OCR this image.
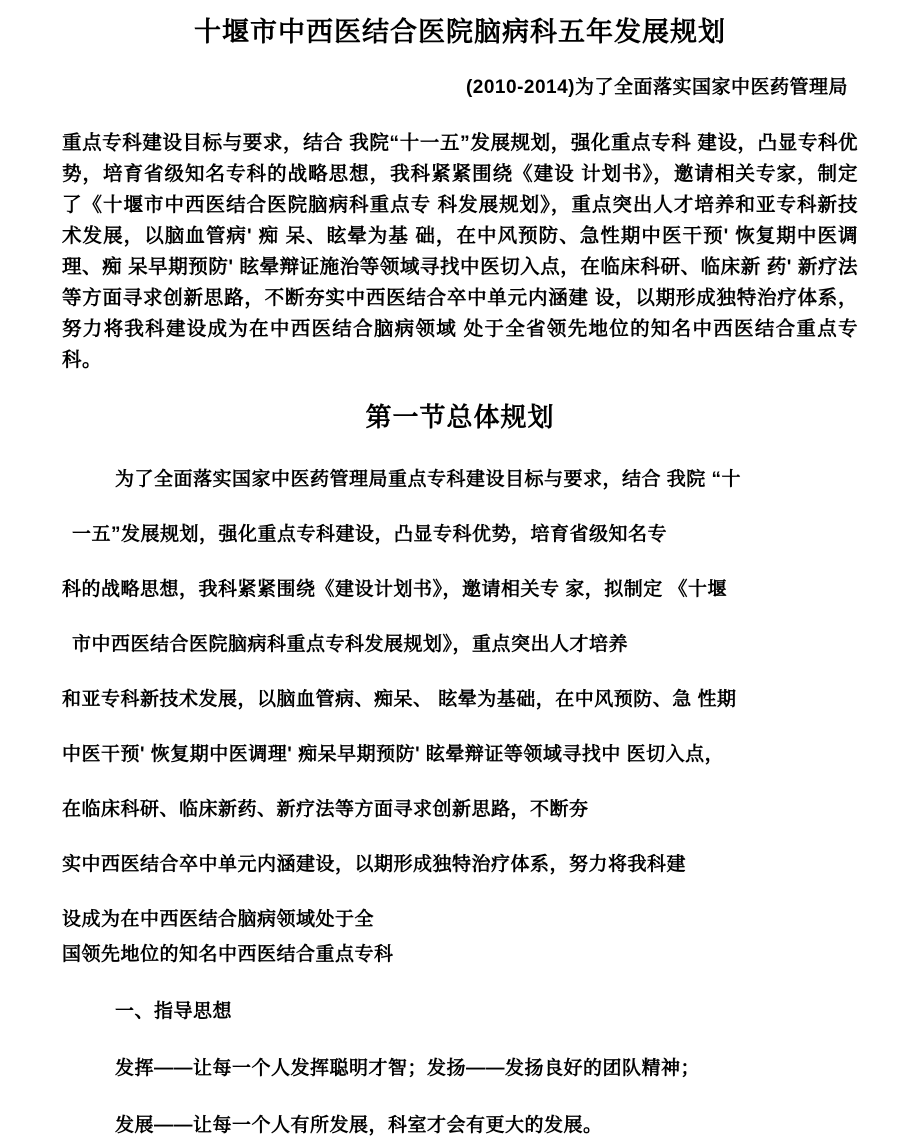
十堰市中西医结合医院脑病科五年发展规划
(2010-2014)为了全面落实国家中医药管理局

重点专科建设目标与要求，结合 我院“十一五”发展规划，强化重点专科 建设，凸显专科优势，培育省级知名专科的战略思想，我科紧紧围绕《建设 计划书》，邀请相关专家，制定了《十堰市中西医结合医院脑病科重点专 科发展规划》，重点突出人才培养和亚专科新技术发展，以脑血管病' 痴 呆、眩晕为基 础，在中风预防、急性期中医干预' 恢复期中医调理、痴 呆早期预防' 眩晕辩证施治等领域寻找中医切入点，在临床科研、临床新 药' 新疗法等方面寻求创新思路，不断夯实中西医结合卒中单元内涵建 设，以期形成独特治疗体系，努力将我科建设成为在中西医结合脑病领域 处于全省领先地位的知名中西医结合重点专科。

第一节总体规划

为了全面落实国家中医药管理局重点专科建设目标与要求，结合 我院 “十

一五”发展规划，强化重点专科建设，凸显专科优势，培育省级知名专

科的战略思想，我科紧紧围绕《建设计划书》，邀请相关专 家，拟制定 《十堰

市中西医结合医院脑病科重点专科发展规划》，重点突出人才培养

和亚专科新技术发展，以脑血管病、痴呆、 眩晕为基础，在中风预防、急 性期

中医干预' 恢复期中医调理' 痴呆早期预防' 眩晕辩证等领域寻找中 医切入点，

在临床科研、临床新药、新疗法等方面寻求创新思路，不断夯

实中西医结合卒中单元内涵建设，以期形成独特治疗体系，努力将我科建

设成为在中西医结合脑病领域处于全

国领先地位的知名中西医结合重点专科

一、指导思想

发挥——让每一个人发挥聪明才智；发扬——发扬良好的团队精神；

发展——让每一个人有所发展，科室才会有更大的发展。
